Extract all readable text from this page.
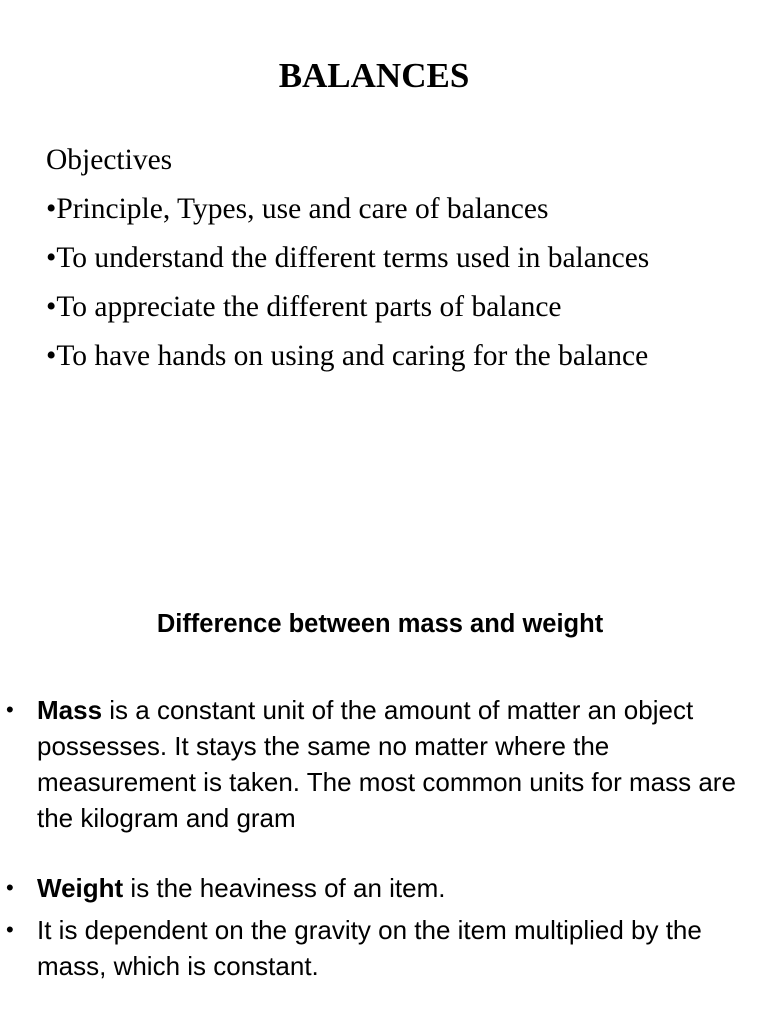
BALANCES
Objectives
•Principle, Types, use and care of balances
•To understand the different terms used in balances
•To appreciate the different parts of balance
•To have hands on using and caring for the balance
Difference between mass and weight
• Mass is a constant unit of the amount of matter an object possesses. It stays the same no matter where the measurement is taken. The most common units for mass are the kilogram and gram
• Weight is the heaviness of an item.
• It is dependent on the gravity on the item multiplied by the mass, which is constant.
